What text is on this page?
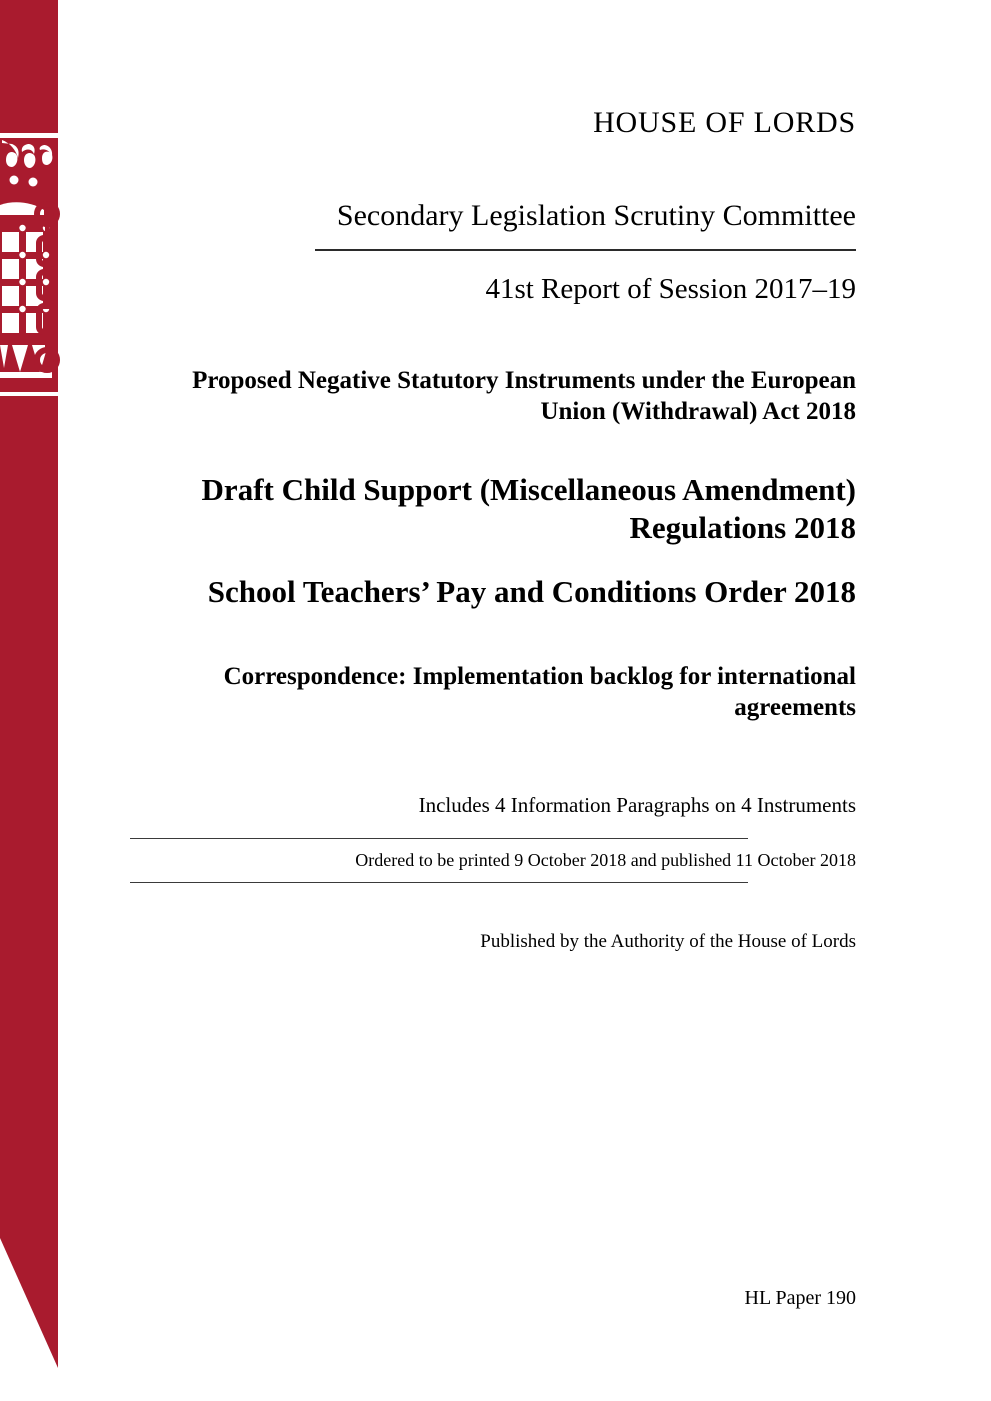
HOUSE OF LORDS
Secondary Legislation Scrutiny Committee
41st Report of Session 2017–19
Proposed Negative Statutory Instruments under the European Union (Withdrawal) Act 2018
Draft Child Support (Miscellaneous Amendment) Regulations 2018
School Teachers’ Pay and Conditions Order 2018
Correspondence: Implementation backlog for international agreements
Includes 4 Information Paragraphs on 4 Instruments
Ordered to be printed 9 October 2018 and published 11 October 2018
Published by the Authority of the House of Lords
HL Paper 190
